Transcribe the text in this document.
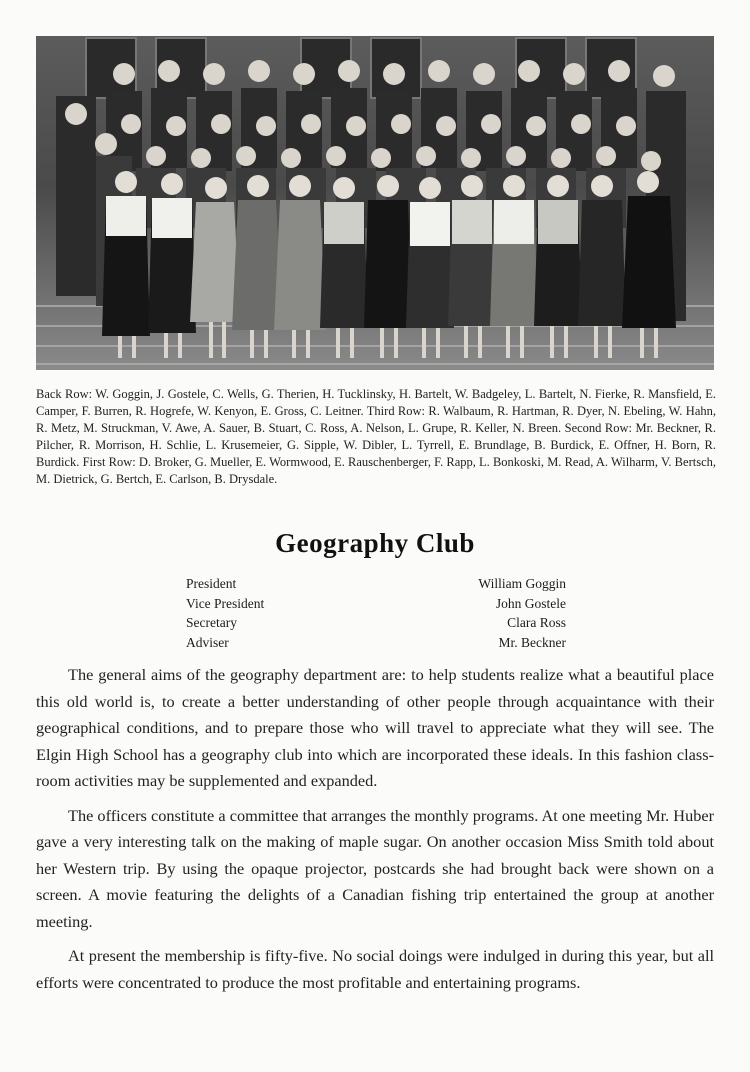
Back Row: W. Goggin, J. Gostele, C. Wells, G. Therien, H. Tucklinsky, H. Bartelt, W. Badgeley, L. Bartelt, N. Fierke, R. Mansfield, E. Camper, F. Burren, R. Hogrefe, W. Kenyon, E. Gross, C. Leitner. Third Row: R. Walbaum, R. Hartman, R. Dyer, N. Ebeling, W. Hahn, R. Metz, M. Struckman, V. Awe, A. Sauer, B. Stuart, C. Ross, A. Nelson, L. Grupe, R. Keller, N. Breen. Second Row: Mr. Beckner, R. Pilcher, R. Morrison, H. Schlie, L. Krusemeier, G. Sipple, W. Dibler, L. Tyrrell, E. Brundlage, B. Burdick, E. Offner, H. Born, R. Burdick. First Row: D. Broker, G. Mueller, E. Wormwood, E. Rauschenberger, F. Rapp, L. Bonkoski, M. Read, A. Wilharm, V. Bertsch, M. Dietrick, G. Bertch, E. Carlson, B. Drysdale.
Geography Club
President	William Goggin
Vice President	John Gostele
Secretary	Clara Ross
Adviser	Mr. Beckner

The general aims of the geography department are: to help students realize what a beautiful place this old world is, to create a better understanding of other people through acquaintance with their geographical conditions, and to prepare those who will travel to appreciate what they will see. The Elgin High School has a geography club into which are incorporated these ideals. In this fashion class-room activities may be supplemented and expanded.

The officers constitute a committee that arranges the monthly programs. At one meeting Mr. Huber gave a very interesting talk on the making of maple sugar. On another occasion Miss Smith told about her Western trip. By using the opaque projector, postcards she had brought back were shown on a screen. A movie featuring the delights of a Canadian fishing trip entertained the group at another meeting.

At present the membership is fifty-five. No social doings were indulged in during this year, but all efforts were concentrated to produce the most profitable and entertaining programs.
